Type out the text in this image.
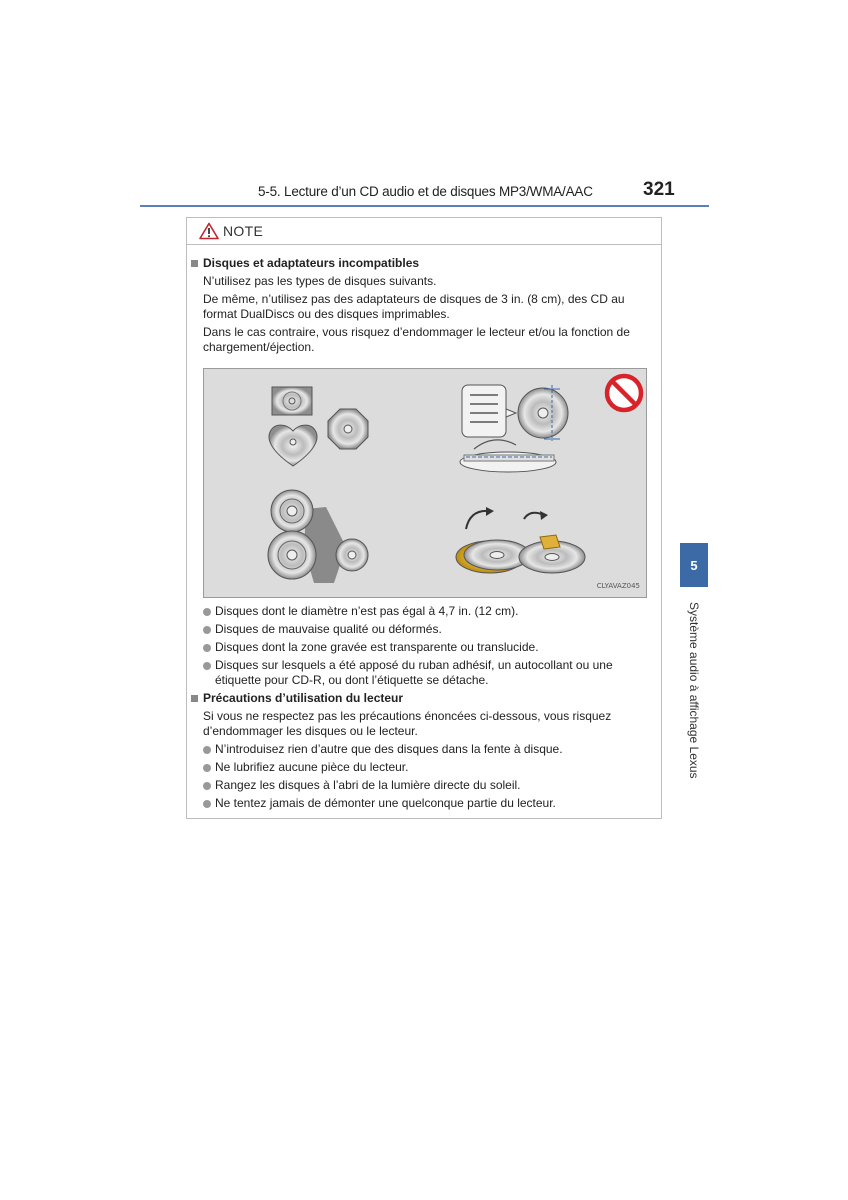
5-5. Lecture d’un CD audio et de disques MP3/WMA/AAC	321
5
Système audio à affichage Lexus
NOTE
Disques et adaptateurs incompatibles
N’utilisez pas les types de disques suivants.
De même, n’utilisez pas des adaptateurs de disques de 3 in. (8 cm), des CD au format DualDiscs ou des disques imprimables.
Dans le cas contraire, vous risquez d’endommager le lecteur et/ou la fonction de chargement/éjection.
CLYAVAZ045
Disques dont le diamètre n’est pas égal à 4,7 in. (12 cm).
Disques de mauvaise qualité ou déformés.
Disques dont la zone gravée est transparente ou translucide.
Disques sur lesquels a été apposé du ruban adhésif, un autocollant ou une étiquette pour CD-R, ou dont l’étiquette se détache.
Précautions d’utilisation du lecteur
Si vous ne respectez pas les précautions énoncées ci-dessous, vous risquez d’endommager les disques ou le lecteur.
N’introduisez rien d’autre que des disques dans la fente à disque.
Ne lubrifiez aucune pièce du lecteur.
Rangez les disques à l’abri de la lumière directe du soleil.
Ne tentez jamais de démonter une quelconque partie du lecteur.
